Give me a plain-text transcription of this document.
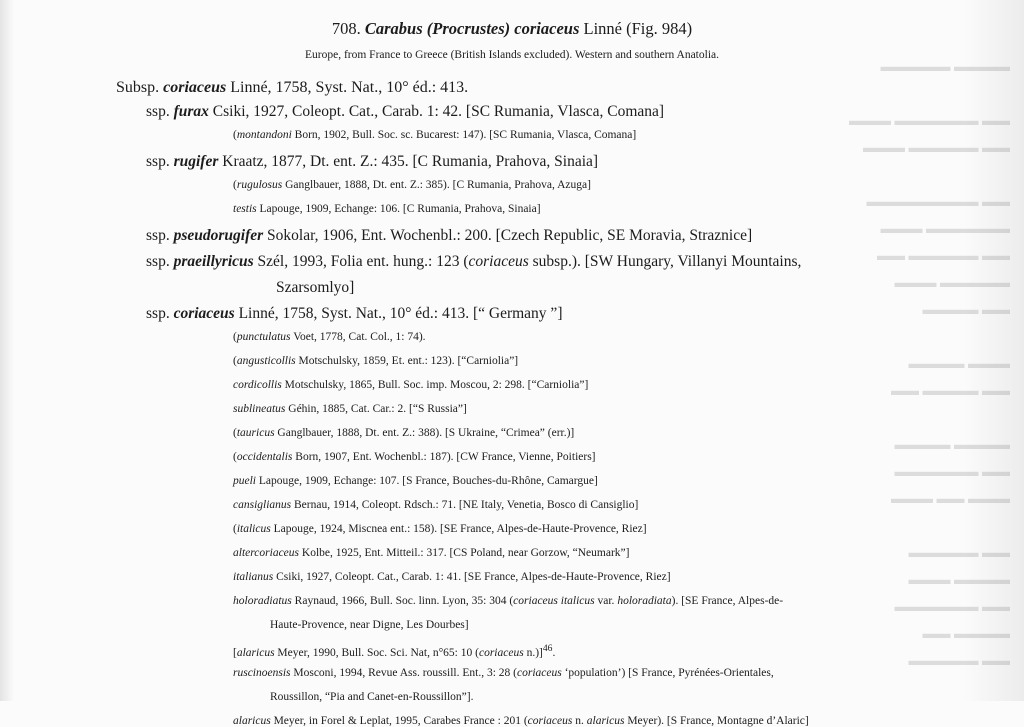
▬▬▬▬ ▬▬▬▬▬

▬▬ ▬▬▬▬▬▬ ▬▬▬
▬▬ ▬▬▬▬▬ ▬▬▬

▬▬ ▬▬▬▬▬▬▬▬
▬▬▬▬▬▬ ▬▬▬
▬▬ ▬▬▬▬▬ ▬▬
▬▬▬▬▬ ▬▬▬
▬▬ ▬▬▬▬

▬▬▬ ▬▬▬▬
▬▬ ▬▬▬▬ ▬▬

▬▬▬▬ ▬▬▬▬
▬▬ ▬▬▬▬▬▬
▬▬▬ ▬▬ ▬▬▬

▬▬ ▬▬▬▬▬
▬▬▬▬ ▬▬▬
▬▬ ▬▬▬▬▬▬
▬▬▬▬ ▬▬
▬▬ ▬▬▬▬▬
708. Carabus (Procrustes) coriaceus Linné (Fig. 984)
Europe, from France to Greece (British Islands excluded). Western and southern Anatolia.
Subsp. coriaceus Linné, 1758, Syst. Nat., 10° éd.: 413.
ssp. furax Csiki, 1927, Coleopt. Cat., Carab. 1: 42. [SC Rumania, Vlasca, Comana]
(montandoni Born, 1902, Bull. Soc. sc. Bucarest: 147). [SC Rumania, Vlasca, Comana]
ssp. rugifer Kraatz, 1877, Dt. ent. Z.: 435. [C Rumania, Prahova, Sinaia]
(rugulosus Ganglbauer, 1888, Dt. ent. Z.: 385). [C Rumania, Prahova, Azuga]
testis Lapouge, 1909, Echange: 106. [C Rumania, Prahova, Sinaia]
ssp. pseudorugifer Sokolar, 1906, Ent. Wochenbl.: 200. [Czech Republic, SE Moravia, Straznice]
ssp. praeillyricus Szél, 1993, Folia ent. hung.: 123 (coriaceus subsp.). [SW Hungary, Villanyi Mountains,
Szarsomlyo]
ssp. coriaceus Linné, 1758, Syst. Nat., 10° éd.: 413. [“ Germany ”]
(punctulatus Voet, 1778, Cat. Col., 1: 74).
(angusticollis Motschulsky, 1859, Et. ent.: 123). [“Carniolia”]
cordicollis Motschulsky, 1865, Bull. Soc. imp. Moscou, 2: 298. [“Carniolia”]
sublineatus Géhin, 1885, Cat. Car.: 2. [“S Russia”]
(tauricus Ganglbauer, 1888, Dt. ent. Z.: 388). [S Ukraine, “Crimea” (err.)]
(occidentalis Born, 1907, Ent. Wochenbl.: 187). [CW France, Vienne, Poitiers]
pueli Lapouge, 1909, Echange: 107. [S France, Bouches-du-Rhône, Camargue]
cansiglianus Bernau, 1914, Coleopt. Rdsch.: 71. [NE Italy, Venetia, Bosco di Cansiglio]
(italicus Lapouge, 1924, Miscnea ent.: 158). [SE France, Alpes-de-Haute-Provence, Riez]
altercoriaceus Kolbe, 1925, Ent. Mitteil.: 317. [CS Poland, near Gorzow, “Neumark”]
italianus Csiki, 1927, Coleopt. Cat., Carab. 1: 41. [SE France, Alpes-de-Haute-Provence, Riez]
holoradiatus Raynaud, 1966, Bull. Soc. linn. Lyon, 35: 304 (coriaceus italicus var. holoradiata). [SE France, Alpes-de-
Haute-Provence, near Digne, Les Dourbes]
[alaricus Meyer, 1990, Bull. Soc. Sci. Nat, n°65: 10 (coriaceus n.)]$^{46}$.
ruscinoensis Mosconi, 1994, Revue Ass. roussill. Ent., 3: 28 (coriaceus ‘population’) [S France, Pyrénées-Orientales,
Roussillon, “Pia and Canet-en-Roussillon”].
alaricus Meyer, in Forel & Leplat, 1995, Carabes France : 201 (coriaceus n. alaricus Meyer). [S France, Montagne d’Alaric]
